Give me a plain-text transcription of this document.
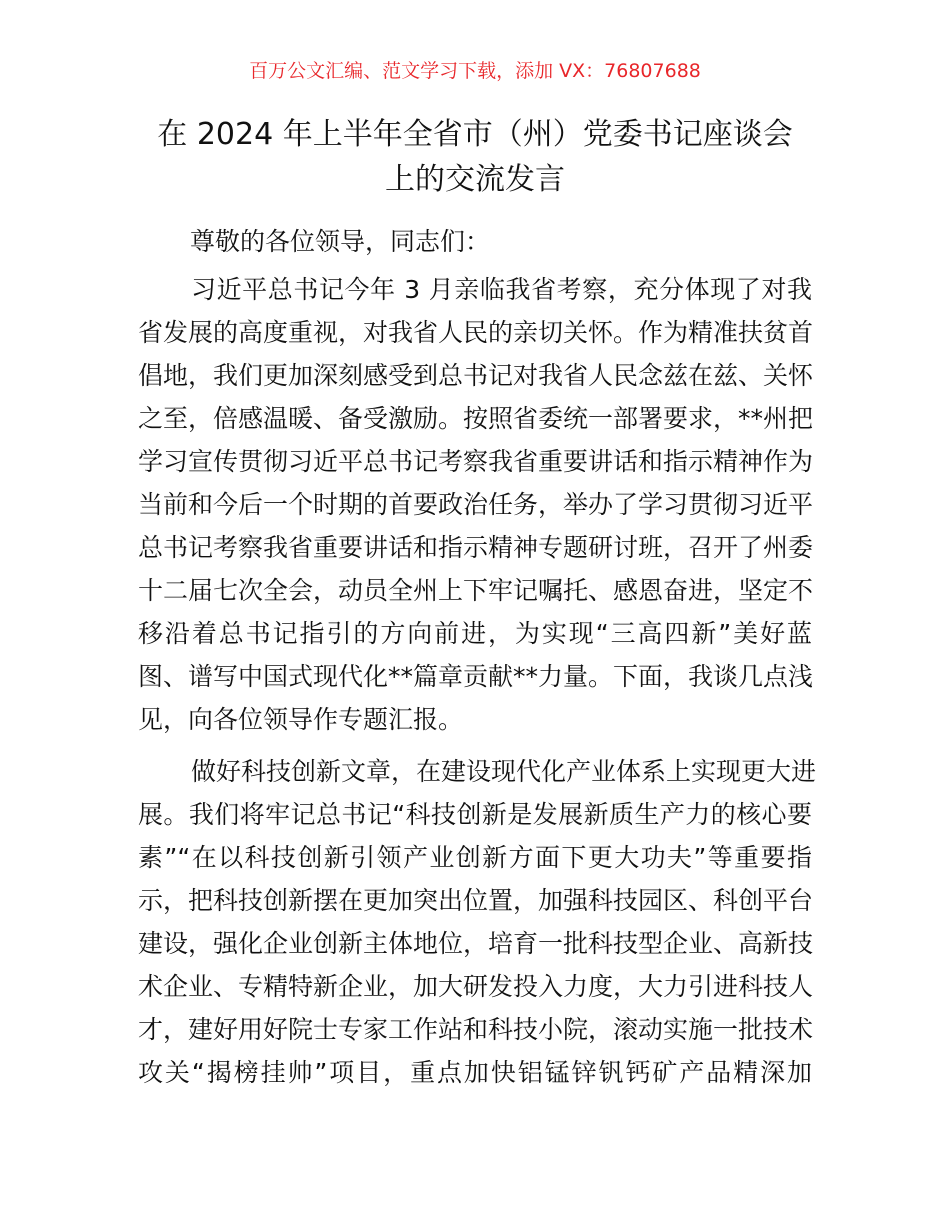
百万公文汇编、范文学习下载，添加 VX：76807688
在 2024 年上半年全省市（州）党委书记座谈会
上的交流发言
尊敬的各位领导，同志们：
习近平总书记今年 3 月亲临我省考察，充分体现了对我
省发展的高度重视，对我省人民的亲切关怀。作为精准扶贫首
倡地，我们更加深刻感受到总书记对我省人民念兹在兹、关怀
之至，倍感温暖、备受激励。按照省委统一部署要求，**州把
学习宣传贯彻习近平总书记考察我省重要讲话和指示精神作为
当前和今后一个时期的首要政治任务，举办了学习贯彻习近平
总书记考察我省重要讲话和指示精神专题研讨班，召开了州委
十二届七次全会，动员全州上下牢记嘱托、感恩奋进，坚定不
移沿着总书记指引的方向前进，为实现“三高四新”美好蓝
图、谱写中国式现代化**篇章贡献**力量。下面，我谈几点浅
见，向各位领导作专题汇报。
做好科技创新文章，在建设现代化产业体系上实现更大进
展。我们将牢记总书记“科技创新是发展新质生产力的核心要
素”“在以科技创新引领产业创新方面下更大功夫”等重要指
示，把科技创新摆在更加突出位置，加强科技园区、科创平台
建设，强化企业创新主体地位，培育一批科技型企业、高新技
术企业、专精特新企业，加大研发投入力度，大力引进科技人
才，建好用好院士专家工作站和科技小院，滚动实施一批技术
攻关“揭榜挂帅”项目，重点加快铝锰锌钒钙矿产品精深加
